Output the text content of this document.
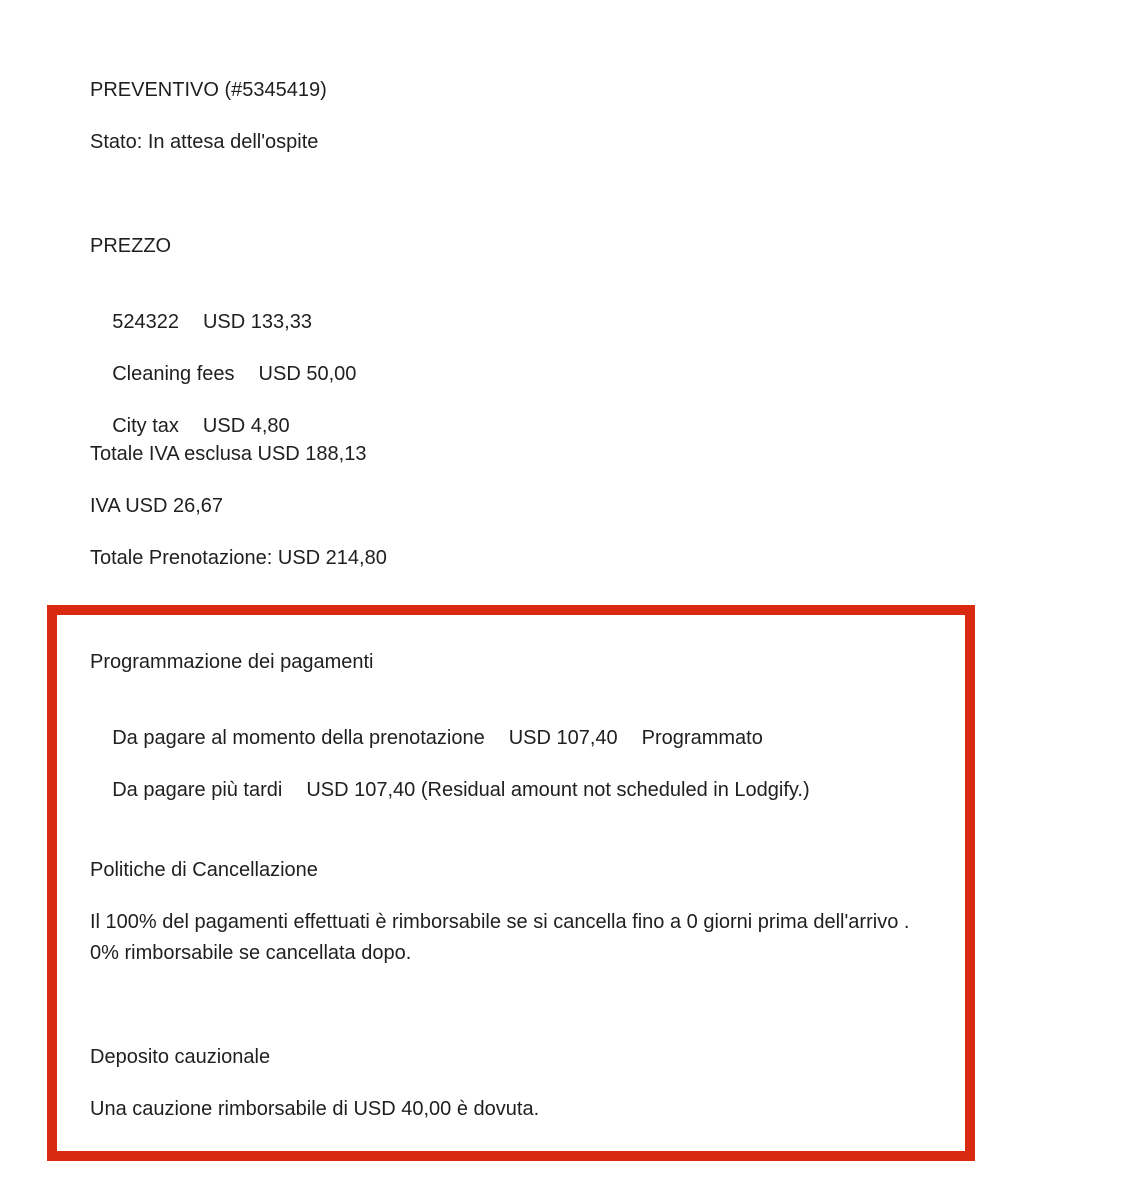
PREVENTIVO (#5345419)
Stato: In attesa dell'ospite
PREZZO

524322 USD 133,33

Cleaning fees USD 50,00

City tax USD 4,80

Totale IVA esclusa USD 188,13
IVA USD 26,67
Totale Prenotazione: USD 214,80
Programmazione dei pagamenti

Da pagare al momento della prenotazione USD 107,40 Programmato

Da pagare più tardi USD 107,40 (Residual amount not scheduled in Lodgify.)

Politiche di Cancellazione
Il 100% del pagamenti effettuati è rimborsabile se si cancella fino a 0 giorni prima dell'arrivo .
0% rimborsabile se cancellata dopo.
Deposito cauzionale
Una cauzione rimborsabile di USD 40,00 è dovuta.
